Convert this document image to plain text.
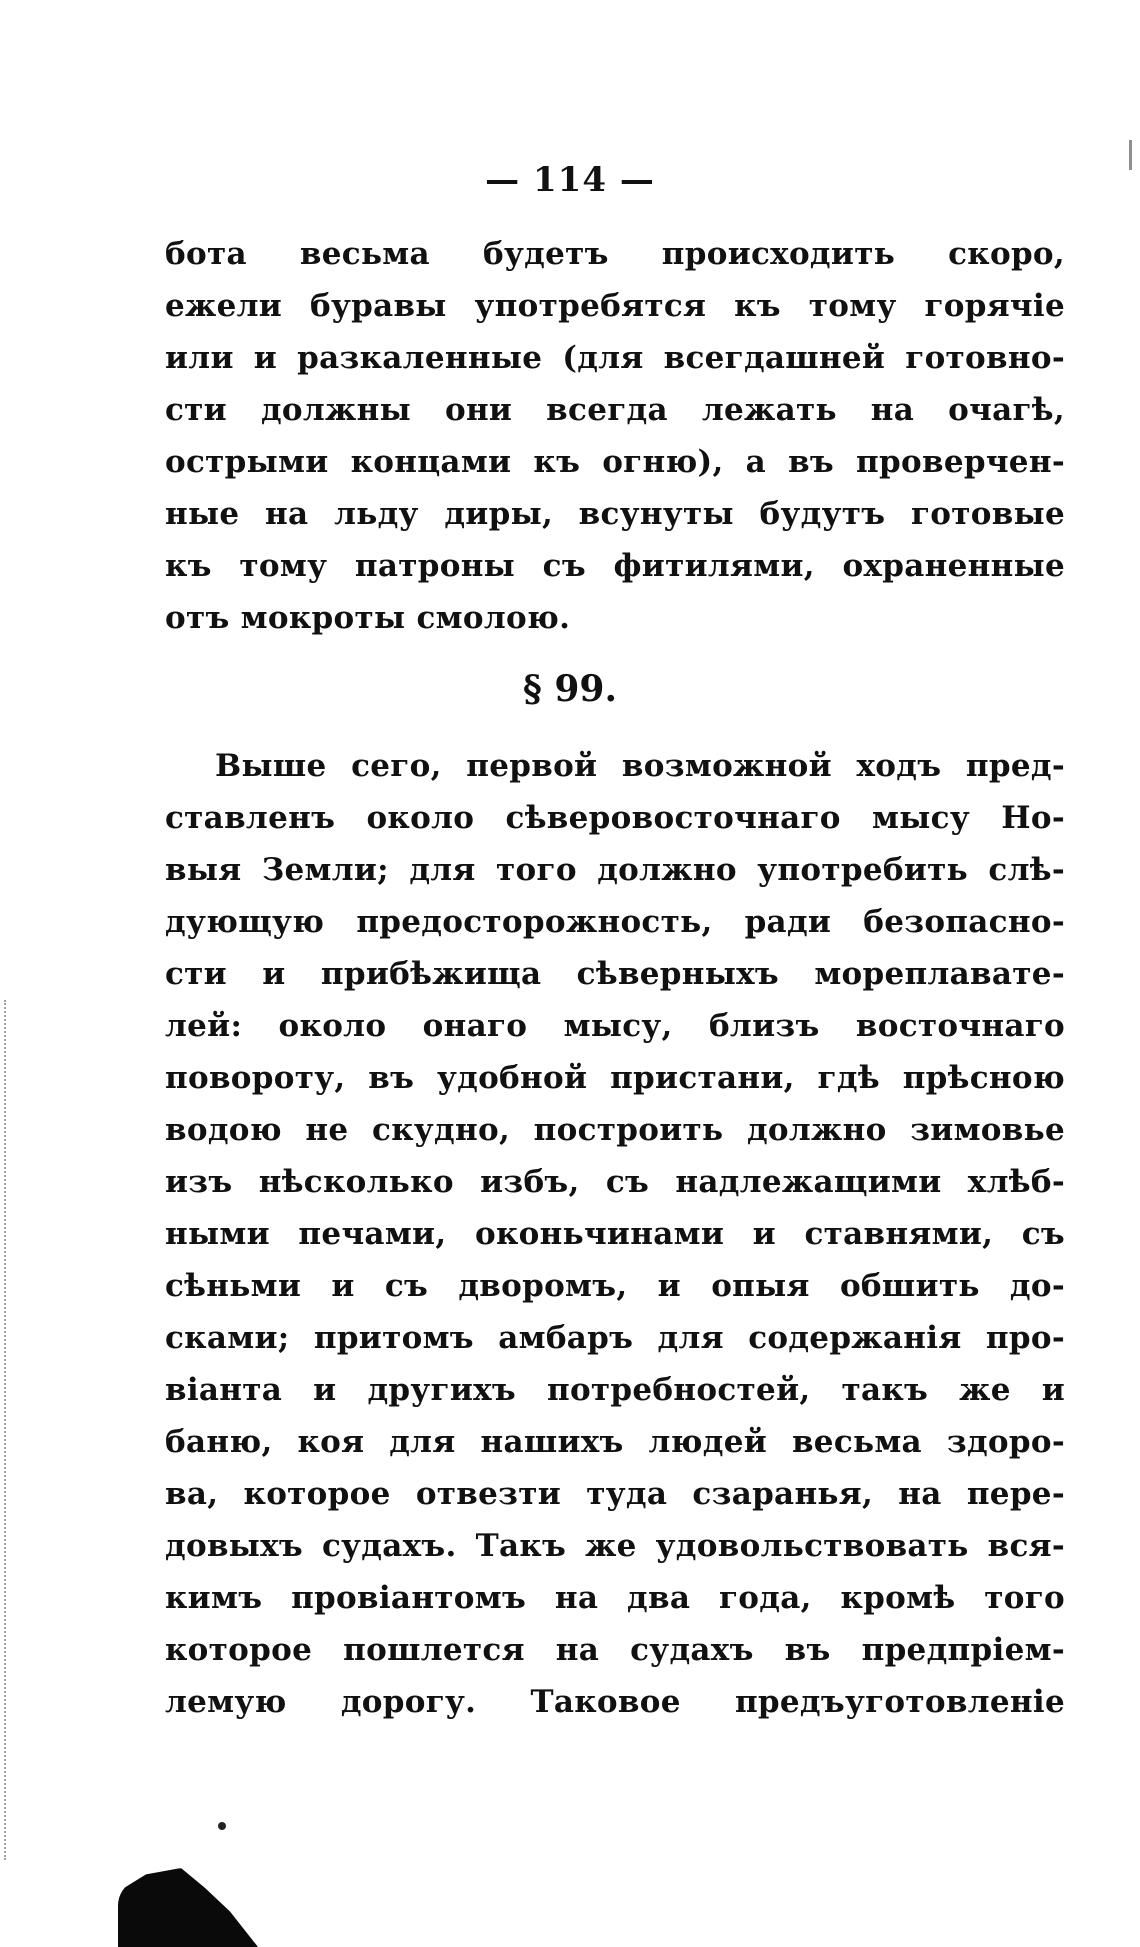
— 114 —
бота весьма будетъ происходить скоро,
ежели буравы употребятся къ тому горячіе
или и разкаленные (для всегдашней готовно-
сти должны они всегда лежать на очагѣ,
острыми концами къ огню), а въ проверчен-
ные на льду диры, всунуты будутъ готовые
къ тому патроны съ фитилями, охраненные
отъ мокроты смолою.
§ 99.
Выше сего, первой возможной ходъ пред-
ставленъ около сѣверовосточнаго мысу Но-
выя Земли; для того должно употребить слѣ-
дующую предосторожность, ради безопасно-
сти и прибѣжища сѣверныхъ мореплавате-
лей: около онаго мысу, близъ восточнаго
повороту, въ удобной пристани, гдѣ прѣсною
водою не скудно, построить должно зимовье
изъ нѣсколько избъ, съ надлежащими хлѣб-
ными печами, оконьчинами и ставнями, съ
сѣньми и съ дворомъ, и опыя обшить до-
сками; притомъ амбаръ для содержанія про-
віанта и другихъ потребностей, такъ же и
баню, коя для нашихъ людей весьма здоро-
ва, которое отвезти туда сзаранья, на пере-
довыхъ судахъ. Такъ же удовольствовать вся-
кимъ провіантомъ на два года, кромѣ того
которое пошлется на судахъ въ предпріем-
лемую дорогу. Таковое предъуготовленіе
